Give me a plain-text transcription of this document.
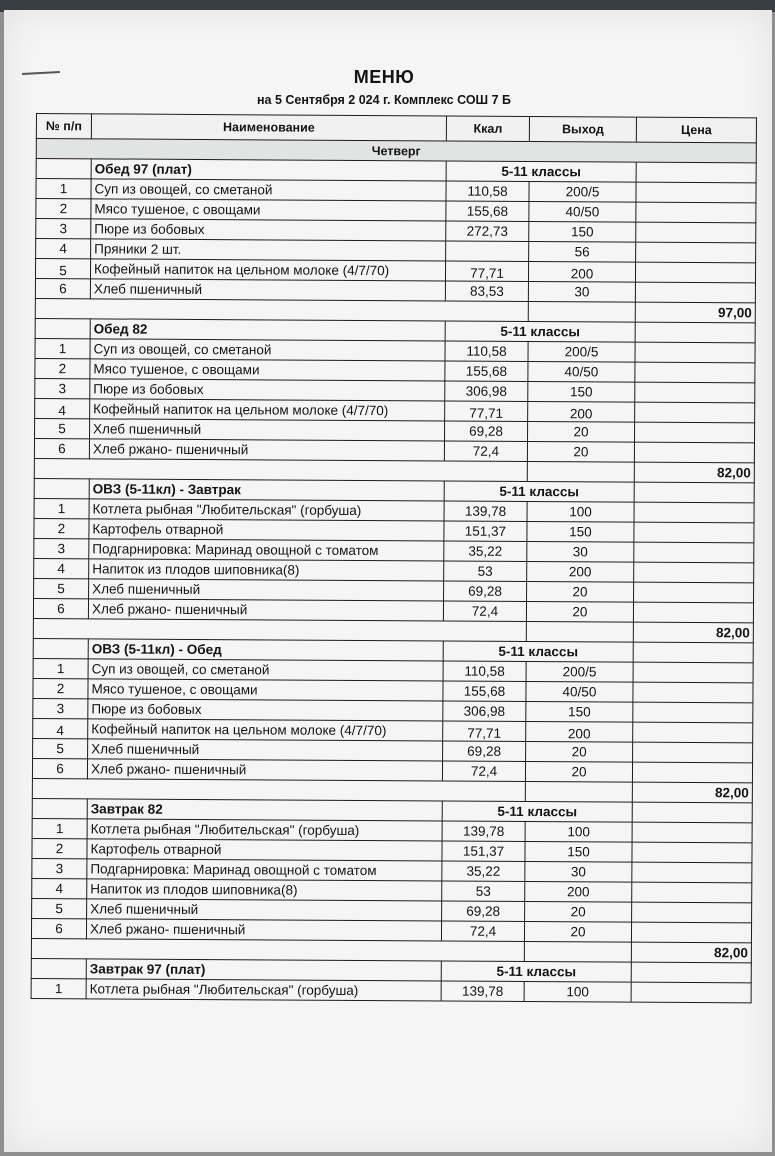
МЕНЮ
на 5 Сентября 2 024 г. Комплекс СОШ 7 Б
№ п/п	Наименование	Ккал	Выход	Цена
Четверг				
	Обед 97 (плат)	5-11 классы		
1	Суп из овощей, со сметаной	110,58	200/5	
2	Мясо тушеное, с овощами	155,68	40/50	
3	Пюре из бобовых	272,73	150	
4	Пряники 2 шт.		56	
5	Кофейный напиток на цельном молоке (4/7/70)	77,71	200	
6	Хлеб пшеничный	83,53	30	
				97,00
	Обед 82	5-11 классы		
1	Суп из овощей, со сметаной	110,58	200/5	
2	Мясо тушеное, с овощами	155,68	40/50	
3	Пюре из бобовых	306,98	150	
4	Кофейный напиток на цельном молоке (4/7/70)	77,71	200	
5	Хлеб пшеничный	69,28	20	
6	Хлеб ржано- пшеничный	72,4	20	
				82,00
	ОВЗ (5-11кл) - Завтрак	5-11 классы		
1	Котлета рыбная "Любительская" (горбуша)	139,78	100	
2	Картофель отварной	151,37	150	
3	Подгарнировка: Маринад овощной с томатом	35,22	30	
4	Напиток из плодов шиповника(8)	53	200	
5	Хлеб пшеничный	69,28	20	
6	Хлеб ржано- пшеничный	72,4	20	
				82,00
	ОВЗ (5-11кл) - Обед	5-11 классы		
1	Суп из овощей, со сметаной	110,58	200/5	
2	Мясо тушеное, с овощами	155,68	40/50	
3	Пюре из бобовых	306,98	150	
4	Кофейный напиток на цельном молоке (4/7/70)	77,71	200	
5	Хлеб пшеничный	69,28	20	
6	Хлеб ржано- пшеничный	72,4	20	
				82,00
	Завтрак 82	5-11 классы		
1	Котлета рыбная "Любительская" (горбуша)	139,78	100	
2	Картофель отварной	151,37	150	
3	Подгарнировка: Маринад овощной с томатом	35,22	30	
4	Напиток из плодов шиповника(8)	53	200	
5	Хлеб пшеничный	69,28	20	
6	Хлеб ржано- пшеничный	72,4	20	
				82,00
	Завтрак 97 (плат)	5-11 классы		
1	Котлета рыбная "Любительская" (горбуша)	139,78	100	
